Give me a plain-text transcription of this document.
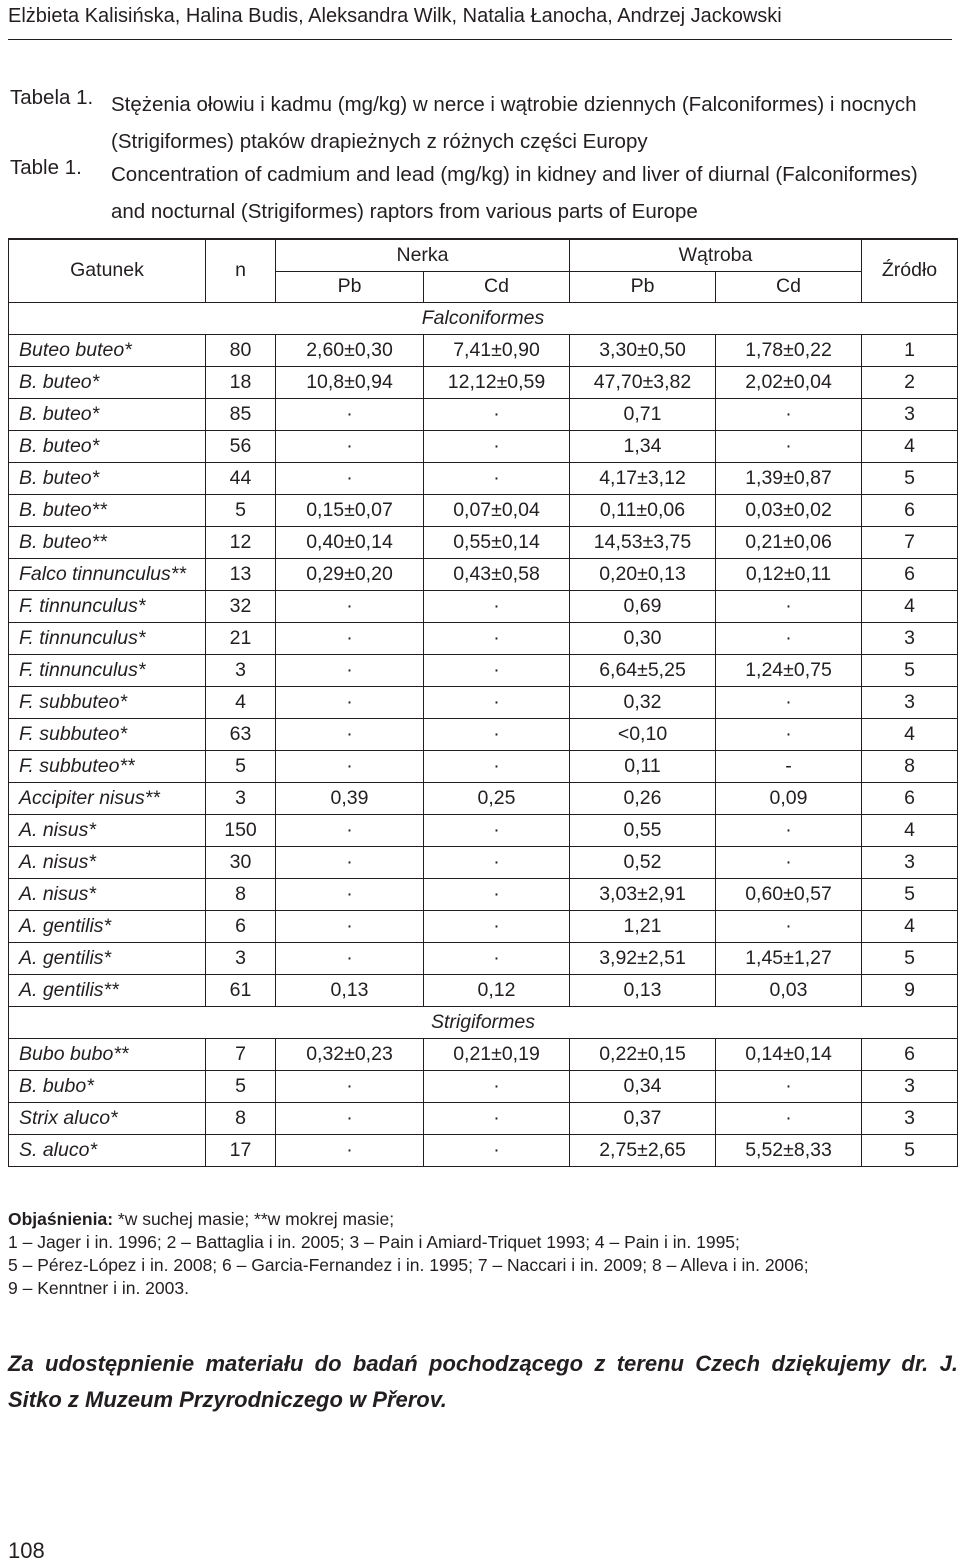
Elżbieta Kalisińska, Halina Budis, Aleksandra Wilk, Natalia Łanocha, Andrzej Jackowski
Tabela 1. Stężenia ołowiu i kadmu (mg/kg) w nerce i wątrobie dziennych (Falconiformes) i nocnych (Strigiformes) ptaków drapieżnych z różnych części Europy
Table 1. Concentration of cadmium and lead (mg/kg) in kidney and liver of diurnal (Falconiformes) and nocturnal (Strigiformes) raptors from various parts of Europe
Gatunek	n	Nerka		Wątroba		Źródło
		Pb	Cd	Pb	Cd	
Falconiformes						
Buteo buteo*	80	2,60±0,30	7,41±0,90	3,30±0,50	1,78±0,22	1
B. buteo*	18	10,8±0,94	12,12±0,59	47,70±3,82	2,02±0,04	2
B. buteo*	85	·	·	0,71	·	3
B. buteo*	56	·	·	1,34	·	4
B. buteo*	44	·	·	4,17±3,12	1,39±0,87	5
B. buteo**	5	0,15±0,07	0,07±0,04	0,11±0,06	0,03±0,02	6
B. buteo**	12	0,40±0,14	0,55±0,14	14,53±3,75	0,21±0,06	7
Falco tinnunculus**	13	0,29±0,20	0,43±0,58	0,20±0,13	0,12±0,11	6
F. tinnunculus*	32	·	·	0,69	·	4
F. tinnunculus*	21	·	·	0,30	·	3
F. tinnunculus*	3	·	·	6,64±5,25	1,24±0,75	5
F. subbuteo*	4	·	·	0,32	·	3
F. subbuteo*	63	·	·	<0,10	·	4
F. subbuteo**	5	·	·	0,11	-	8
Accipiter nisus**	3	0,39	0,25	0,26	0,09	6
A. nisus*	150	·	·	0,55	·	4
A. nisus*	30	·	·	0,52	·	3
A. nisus*	8	·	·	3,03±2,91	0,60±0,57	5
A. gentilis*	6	·	·	1,21	·	4
A. gentilis*	3	·	·	3,92±2,51	1,45±1,27	5
A. gentilis**	61	0,13	0,12	0,13	0,03	9
Strigiformes						
Bubo bubo**	7	0,32±0,23	0,21±0,19	0,22±0,15	0,14±0,14	6
B. bubo*	5	·	·	0,34	·	3
Strix aluco*	8	·	·	0,37	·	3
S. aluco*	17	·	·	2,75±2,65	5,52±8,33	5
Objaśnienia: *w suchej masie; **w mokrej masie;
1 – Jager i in. 1996; 2 – Battaglia i in. 2005; 3 – Pain i Amiard-Triquet 1993; 4 – Pain i in. 1995;
5 – Pérez-López i in. 2008; 6 – Garcia-Fernandez i in. 1995; 7 – Naccari i in. 2009; 8 – Alleva i in. 2006;
9 – Kenntner i in. 2003.
Za udostępnienie materiału do badań pochodzącego z terenu Czech dziękujemy dr. J. Sitko z Muzeum Przyrodniczego w Přerov.
108
